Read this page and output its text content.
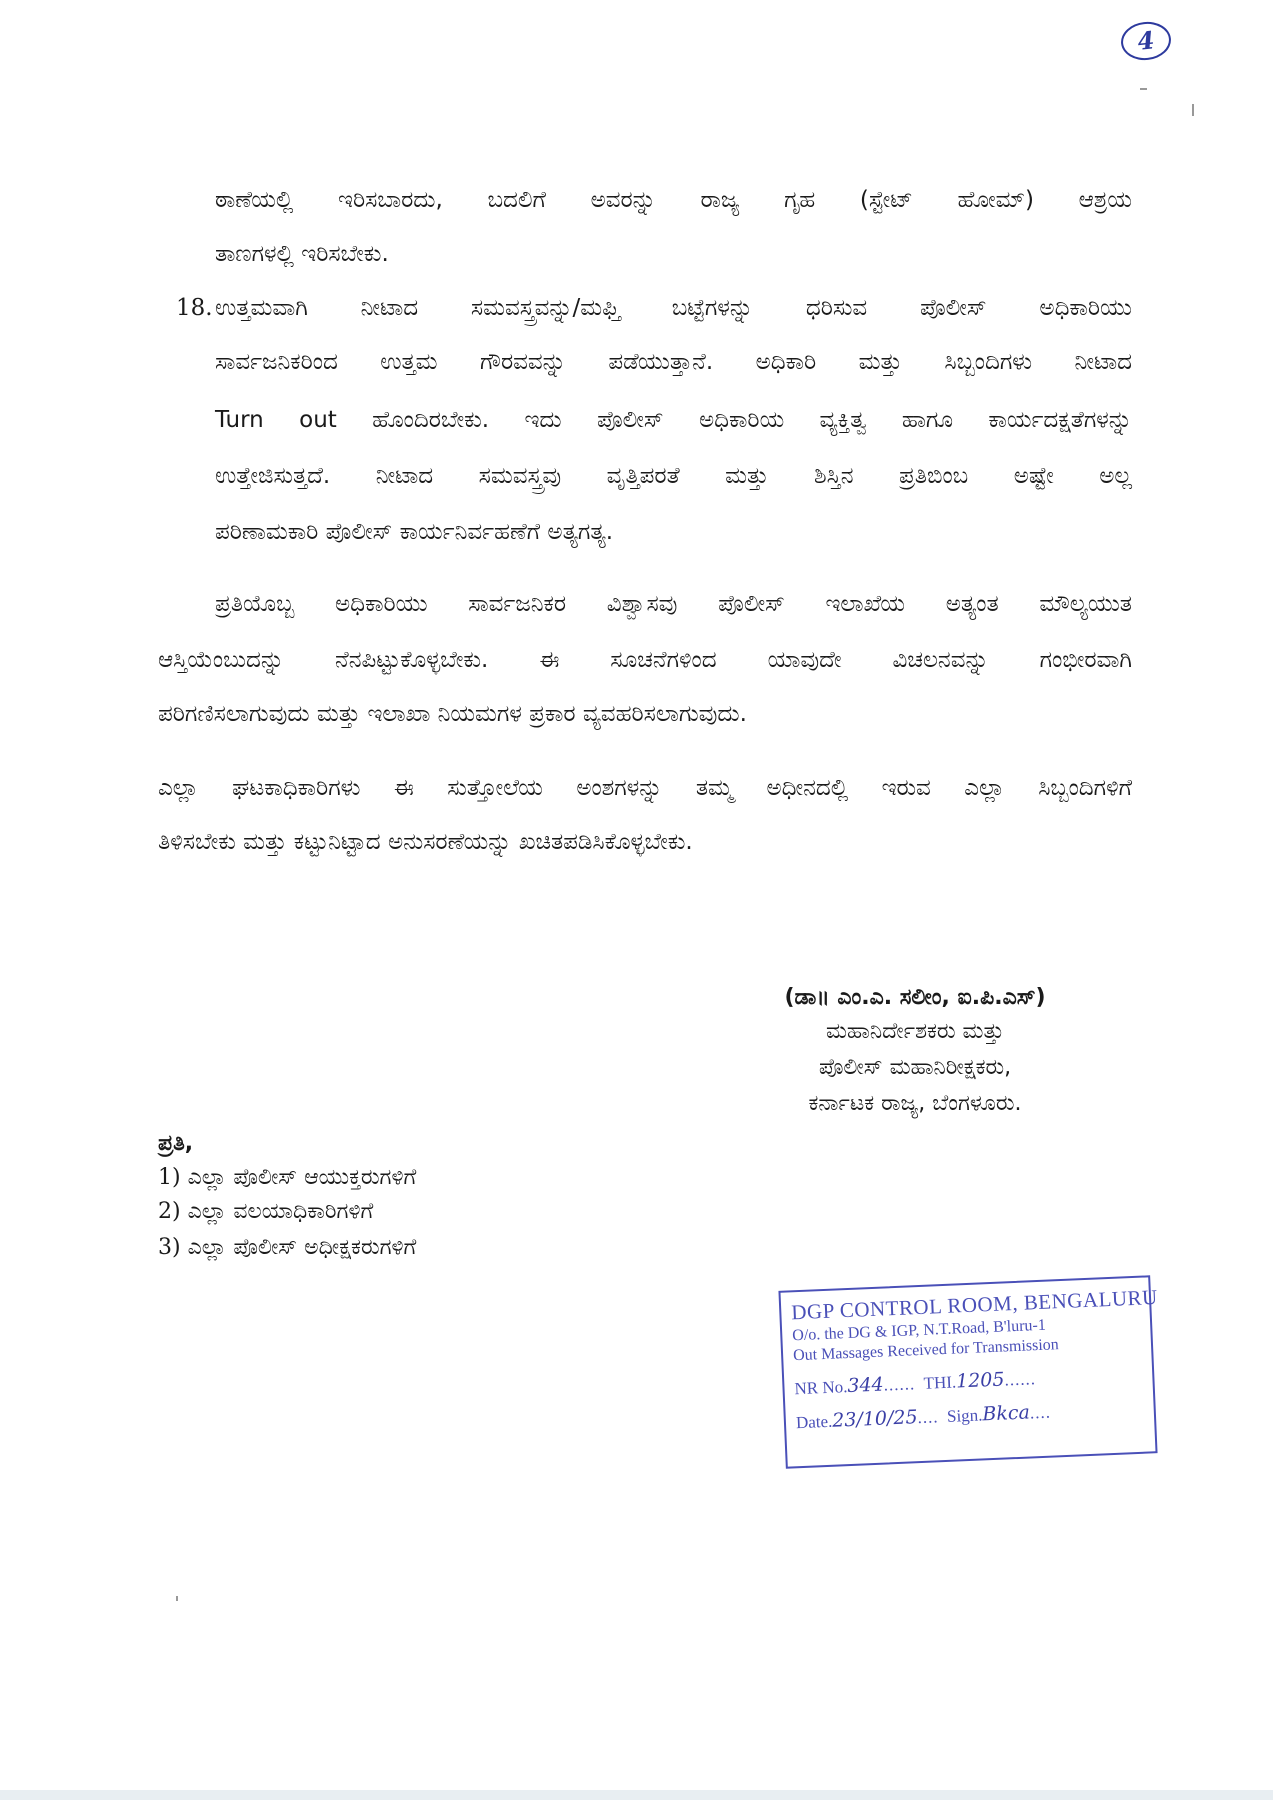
4
ಠಾಣೆಯಲ್ಲಿ ಇರಿಸಬಾರದು, ಬದಲಿಗೆ ಅವರನ್ನು ರಾಜ್ಯ ಗೃಹ (ಸ್ಟೇಟ್ ಹೋಮ್) ಆಶ್ರಯ
ತಾಣಗಳಲ್ಲಿ ಇರಿಸಬೇಕು.
18. ಉತ್ತಮವಾಗಿ ನೀಟಾದ ಸಮವಸ್ತ್ರವನ್ನು/ಮಫ್ತಿ ಬಟ್ಟೆಗಳನ್ನು ಧರಿಸುವ ಪೊಲೀಸ್ ಅಧಿಕಾರಿಯು
ಸಾರ್ವಜನಿಕರಿಂದ ಉತ್ತಮ ಗೌರವವನ್ನು ಪಡೆಯುತ್ತಾನೆ. ಅಧಿಕಾರಿ ಮತ್ತು ಸಿಬ್ಬಂದಿಗಳು ನೀಟಾದ
Turn out ಹೊಂದಿರಬೇಕು. ಇದು ಪೊಲೀಸ್ ಅಧಿಕಾರಿಯ ವ್ಯಕ್ತಿತ್ವ ಹಾಗೂ ಕಾರ್ಯದಕ್ಷತೆಗಳನ್ನು
ಉತ್ತೇಜಿಸುತ್ತದೆ. ನೀಟಾದ ಸಮವಸ್ತ್ರವು ವೃತ್ತಿಪರತೆ ಮತ್ತು ಶಿಸ್ತಿನ ಪ್ರತಿಬಿಂಬ ಅಷ್ಟೇ ಅಲ್ಲ
ಪರಿಣಾಮಕಾರಿ ಪೊಲೀಸ್ ಕಾರ್ಯನಿರ್ವಹಣೆಗೆ ಅತ್ಯಗತ್ಯ.
ಪ್ರತಿಯೊಬ್ಬ ಅಧಿಕಾರಿಯು ಸಾರ್ವಜನಿಕರ ವಿಶ್ವಾಸವು ಪೊಲೀಸ್ ಇಲಾಖೆಯ ಅತ್ಯಂತ ಮೌಲ್ಯಯುತ
ಆಸ್ತಿಯೆಂಬುದನ್ನು ನೆನಪಿಟ್ಟುಕೊಳ್ಳಬೇಕು. ಈ ಸೂಚನೆಗಳಿಂದ ಯಾವುದೇ ವಿಚಲನವನ್ನು ಗಂಭೀರವಾಗಿ
ಪರಿಗಣಿಸಲಾಗುವುದು ಮತ್ತು ಇಲಾಖಾ ನಿಯಮಗಳ ಪ್ರಕಾರ ವ್ಯವಹರಿಸಲಾಗುವುದು.
ಎಲ್ಲಾ ಘಟಕಾಧಿಕಾರಿಗಳು ಈ ಸುತ್ತೋಲೆಯ ಅಂಶಗಳನ್ನು ತಮ್ಮ ಅಧೀನದಲ್ಲಿ ಇರುವ ಎಲ್ಲಾ ಸಿಬ್ಬಂದಿಗಳಿಗೆ
ತಿಳಿಸಬೇಕು ಮತ್ತು ಕಟ್ಟುನಿಟ್ಟಾದ ಅನುಸರಣೆಯನ್ನು ಖಚಿತಪಡಿಸಿಕೊಳ್ಳಬೇಕು.
(ಡಾ॥ ಎಂ.ಎ. ಸಲೀಂ, ಐ.ಪಿ.ಎಸ್)
ಮಹಾನಿರ್ದೇಶಕರು ಮತ್ತು
ಪೊಲೀಸ್ ಮಹಾನಿರೀಕ್ಷಕರು,
ಕರ್ನಾಟಕ ರಾಜ್ಯ, ಬೆಂಗಳೂರು.
ಪ್ರತಿ,
1) ಎಲ್ಲಾ ಪೊಲೀಸ್ ಆಯುಕ್ತರುಗಳಿಗೆ
2) ಎಲ್ಲಾ ವಲಯಾಧಿಕಾರಿಗಳಿಗೆ
3) ಎಲ್ಲಾ ಪೊಲೀಸ್ ಅಧೀಕ್ಷಕರುಗಳಿಗೆ
DGP CONTROL ROOM, BENGALURU
O/o. the DG & IGP, N.T.Road, B'luru-1
Out Massages Received for Transmission
NR No.344...... THI.1205......
Date.23/10/25.... Sign.Bkca....
